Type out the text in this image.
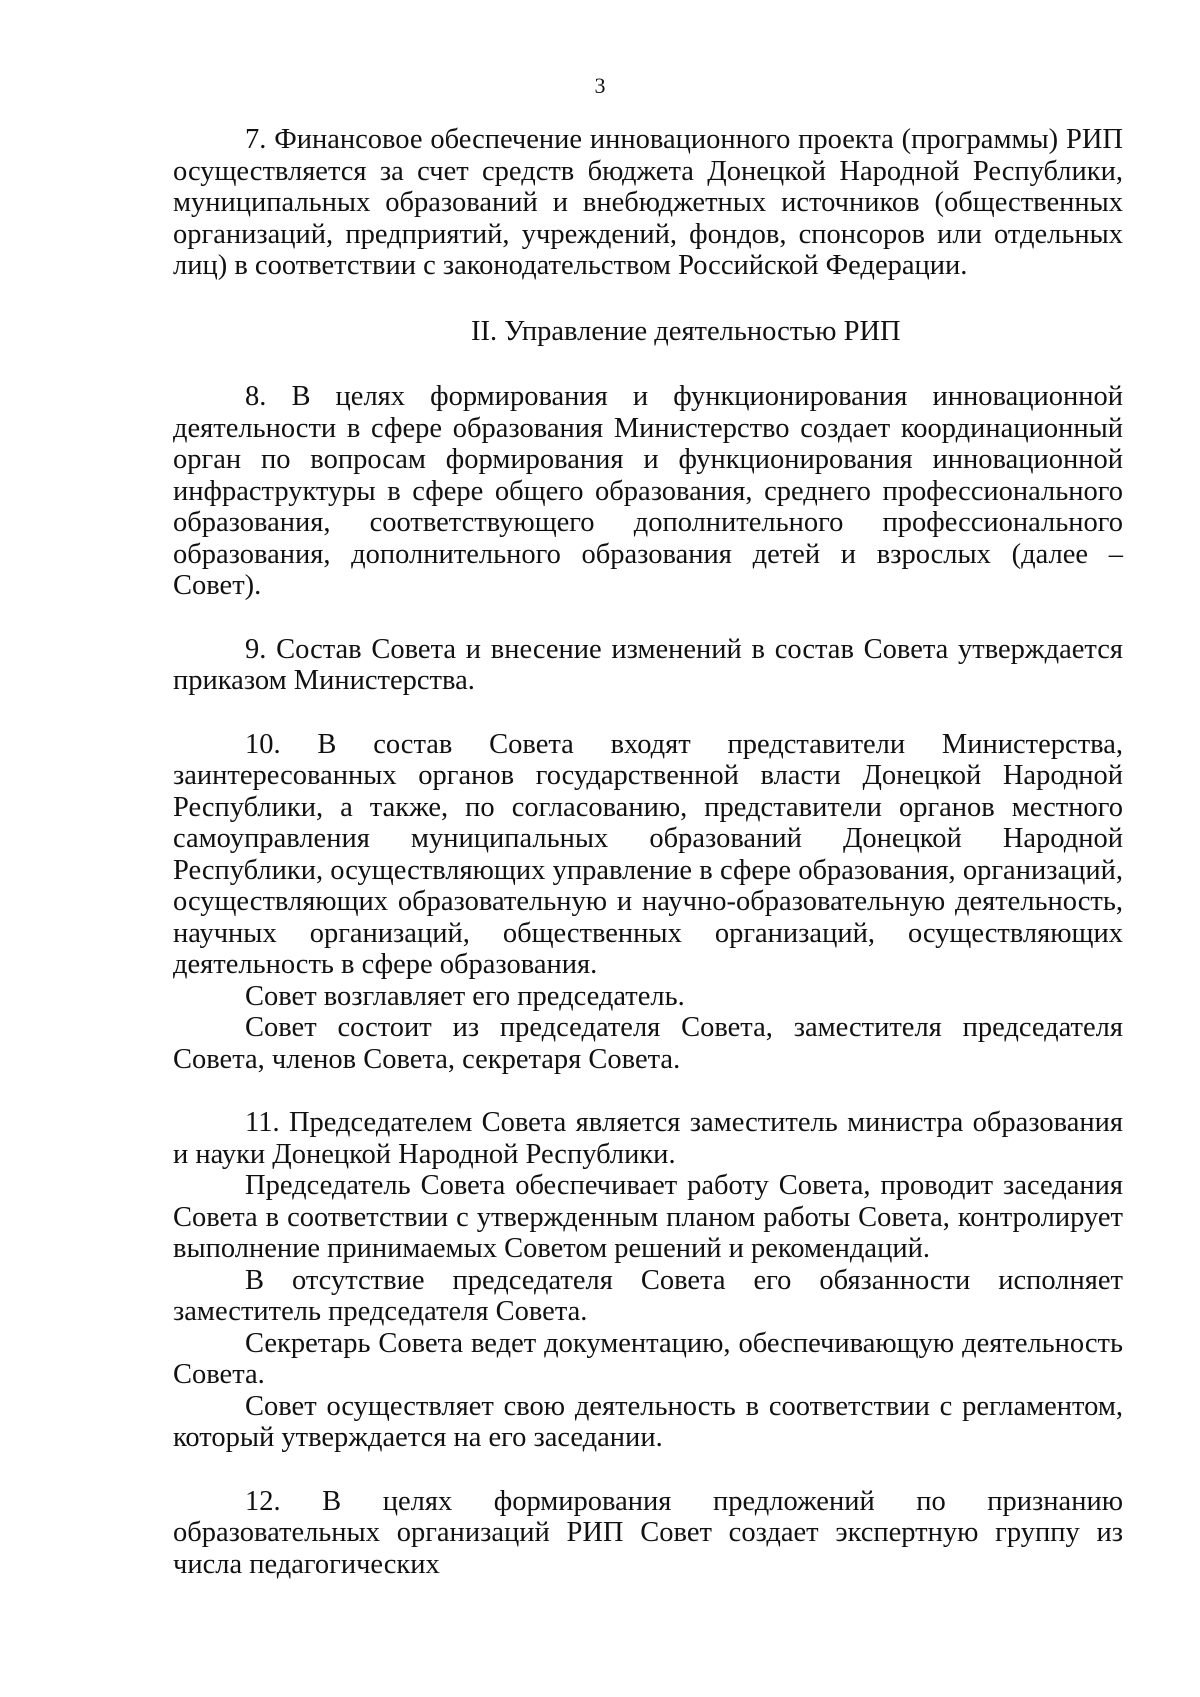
3

7. Финансовое обеспечение инновационного проекта (программы) РИП осуществляется за счет средств бюджета Донецкой Народной Республики, муниципальных образований и внебюджетных источников (общественных организаций, предприятий, учреждений, фондов, спонсоров или отдельных лиц) в соответствии с законодательством Российской Федерации.

II. Управление деятельностью РИП

8. В целях формирования и функционирования инновационной деятельности в сфере образования Министерство создает координационный орган по вопросам формирования и функционирования инновационной инфраструктуры в сфере общего образования, среднего профессионального образования, соответствующего дополнительного профессионального образования, дополнительного образования детей и взрослых (далее – Совет).

9. Состав Совета и внесение изменений в состав Совета утверждается приказом Министерства.

10. В состав Совета входят представители Министерства, заинтересованных органов государственной власти Донецкой Народной Республики, а также, по согласованию, представители органов местного самоуправления муниципальных образований Донецкой Народной Республики, осуществляющих управление в сфере образования, организаций, осуществляющих образовательную и научно-образовательную деятельность, научных организаций, общественных организаций, осуществляющих деятельность в сфере образования.

Совет возглавляет его председатель.

Совет состоит из председателя Совета, заместителя председателя Совета, членов Совета, секретаря Совета.

11. Председателем Совета является заместитель министра образования и науки Донецкой Народной Республики.

Председатель Совета обеспечивает работу Совета, проводит заседания Совета в соответствии с утвержденным планом работы Совета, контролирует выполнение принимаемых Советом решений и рекомендаций.

В отсутствие председателя Совета его обязанности исполняет заместитель председателя Совета.

Секретарь Совета ведет документацию, обеспечивающую деятельность Совета.

Совет осуществляет свою деятельность в соответствии с регламентом, который утверждается на его заседании.

12. В целях формирования предложений по признанию образовательных организаций РИП Совет создает экспертную группу из числа педагогических
